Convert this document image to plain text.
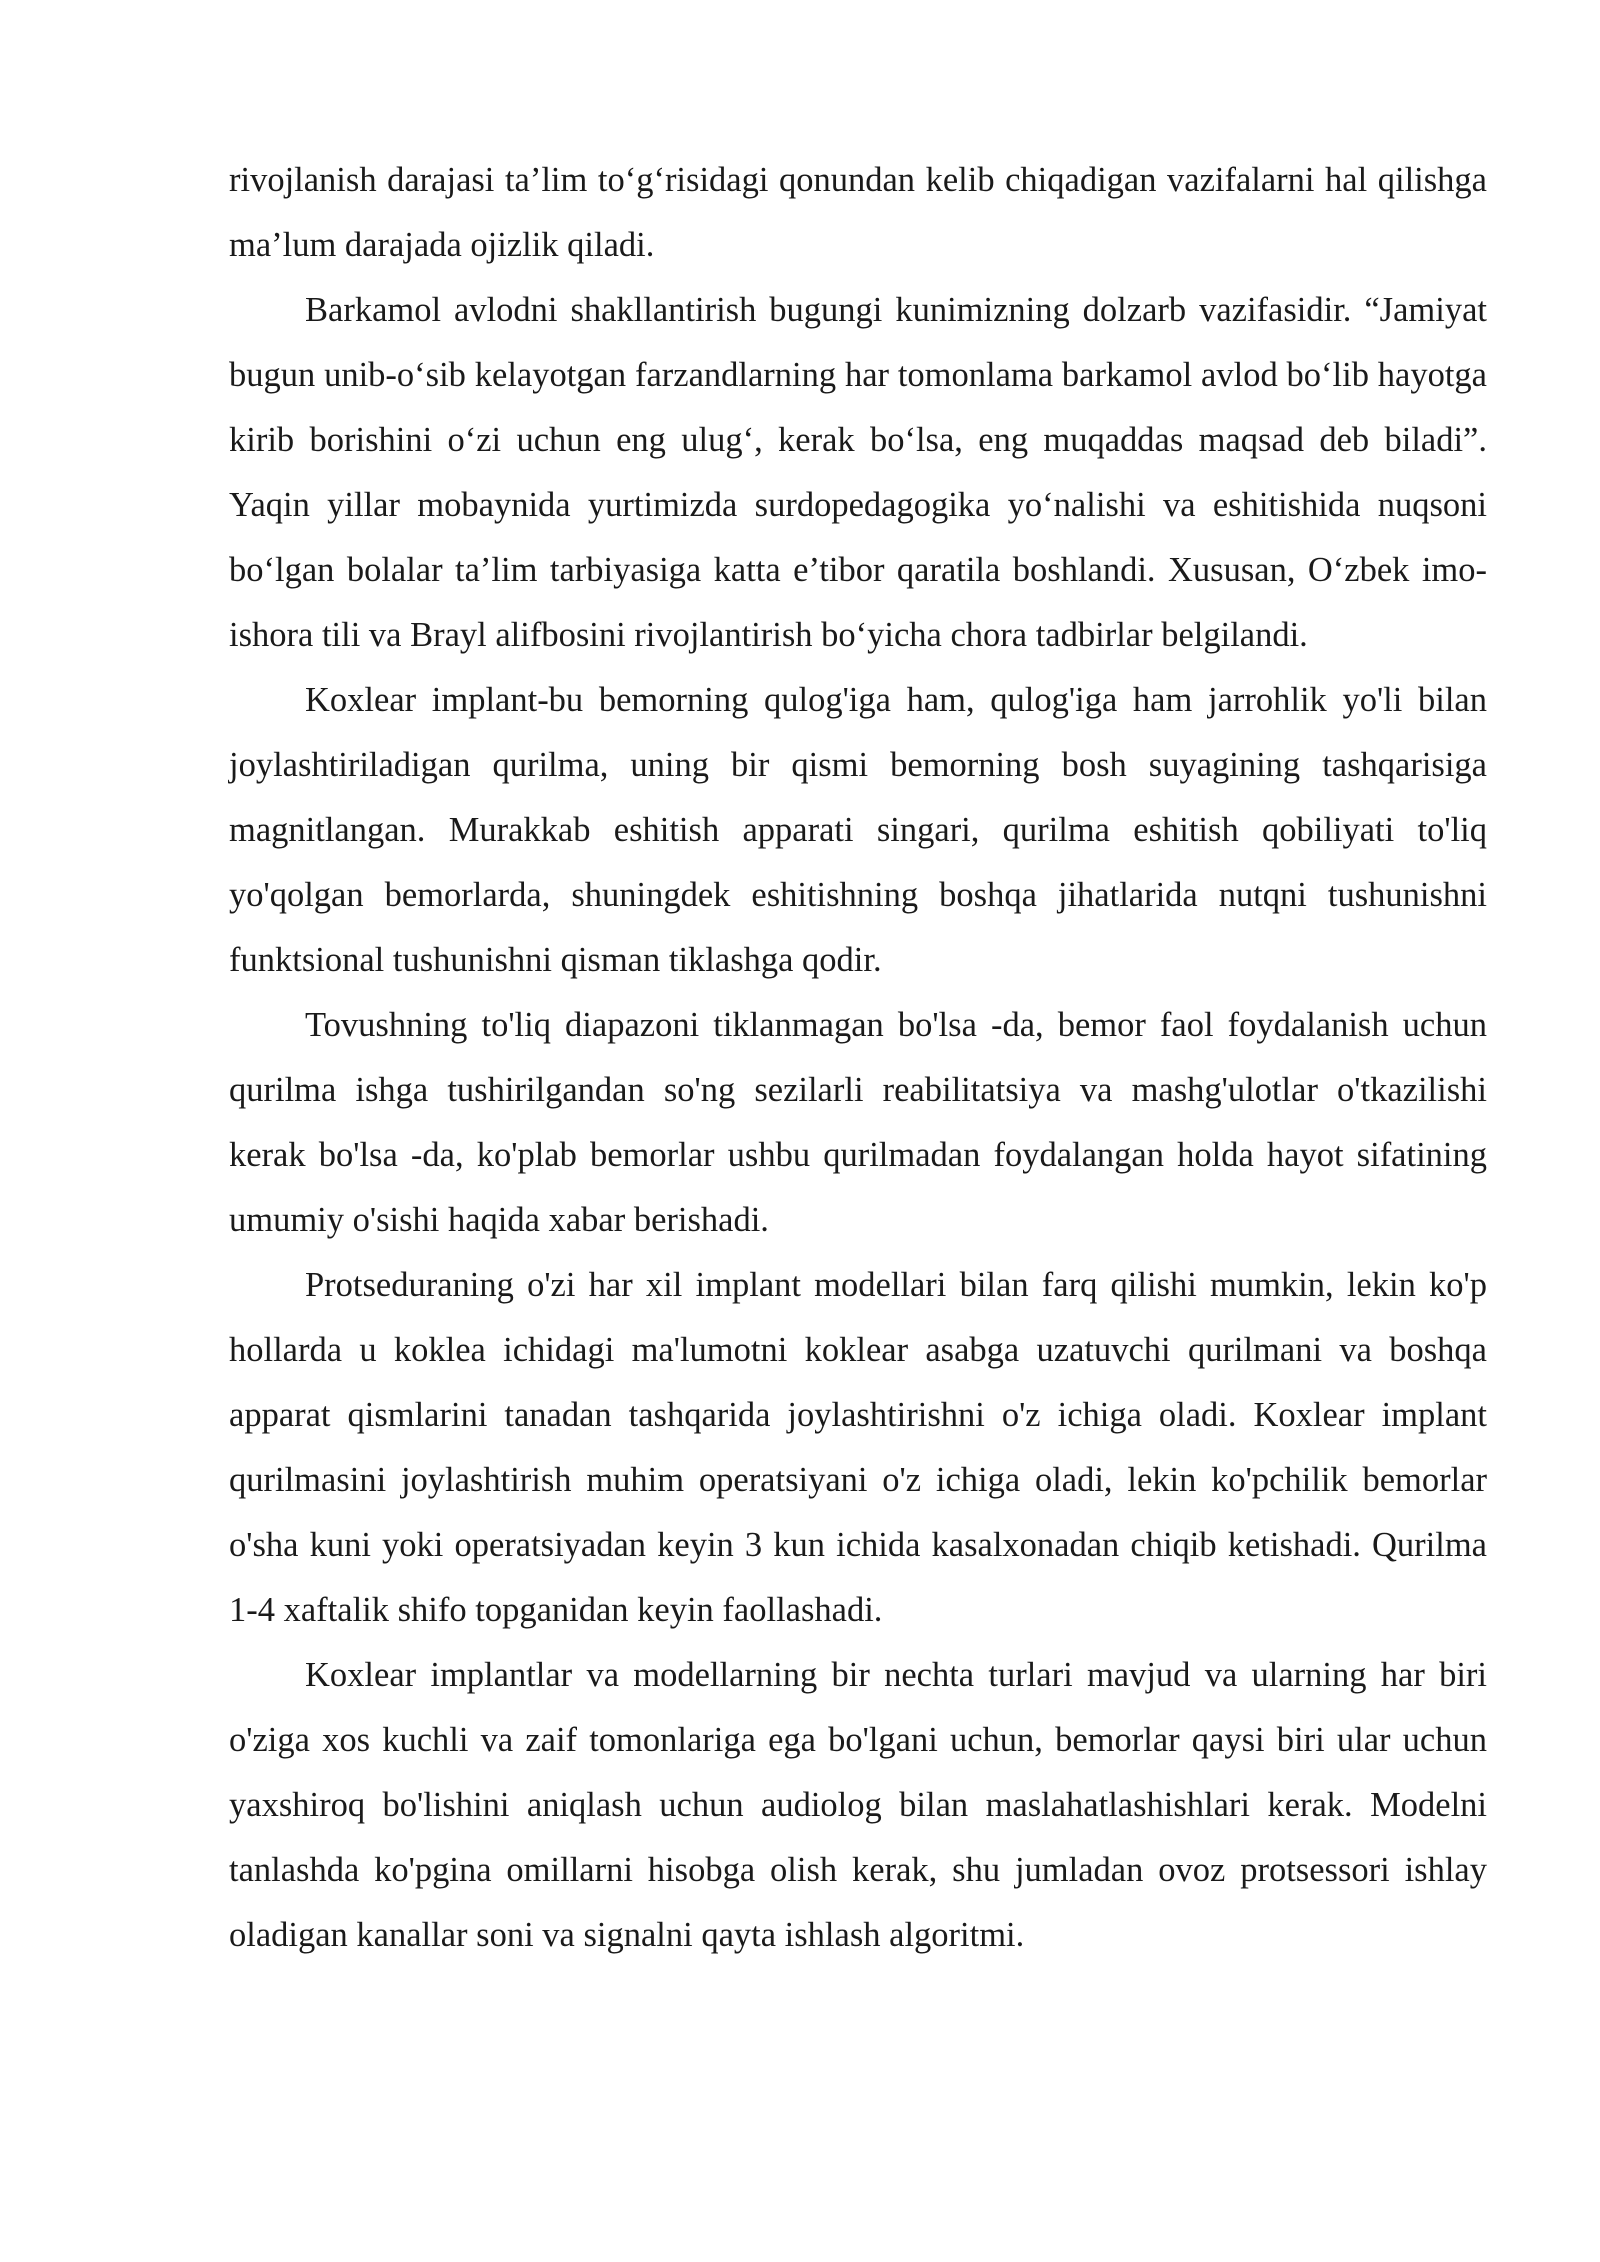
rivojlanish darajasi ta’lim to‘g‘risidagi qonundan kelib chiqadigan vazifalarni hal qilishga ma’lum darajada ojizlik qiladi.

Barkamol avlodni shakllantirish bugungi kunimizning dolzarb vazifasidir. “Jamiyat bugun unib-o‘sib kelayotgan farzandlarning har tomonlama barkamol avlod bo‘lib hayotga kirib borishini o‘zi uchun eng ulug‘, kerak bo‘lsa, eng muqaddas maqsad deb biladi”. Yaqin yillar mobaynida yurtimizda surdopedagogika yo‘nalishi va eshitishida nuqsoni bo‘lgan bolalar ta’lim tarbiyasiga katta e’tibor qaratila boshlandi. Xususan, O‘zbek imo-ishora tili va Brayl alifbosini rivojlantirish bo‘yicha chora tadbirlar belgilandi.

Koxlear implant-bu bemorning qulog'iga ham, qulog'iga ham jarrohlik yo'li bilan joylashtiriladigan qurilma, uning bir qismi bemorning bosh suyagining tashqarisiga magnitlangan. Murakkab eshitish apparati singari, qurilma eshitish qobiliyati to'liq yo'qolgan bemorlarda, shuningdek eshitishning boshqa jihatlarida nutqni tushunishni funktsional tushunishni qisman tiklashga qodir.

Tovushning to'liq diapazoni tiklanmagan bo'lsa -da, bemor faol foydalanish uchun qurilma ishga tushirilgandan so'ng sezilarli reabilitatsiya va mashg'ulotlar o'tkazilishi kerak bo'lsa -da, ko'plab bemorlar ushbu qurilmadan foydalangan holda hayot sifatining umumiy o'sishi haqida xabar berishadi.

Protseduraning o'zi har xil implant modellari bilan farq qilishi mumkin, lekin ko'p hollarda u koklea ichidagi ma'lumotni koklear asabga uzatuvchi qurilmani va boshqa apparat qismlarini tanadan tashqarida joylashtirishni o'z ichiga oladi. Koxlear implant qurilmasini joylashtirish muhim operatsiyani o'z ichiga oladi, lekin ko'pchilik bemorlar o'sha kuni yoki operatsiyadan keyin 3 kun ichida kasalxonadan chiqib ketishadi. Qurilma 1-4 xaftalik shifo topganidan keyin faollashadi.

Koxlear implantlar va modellarning bir nechta turlari mavjud va ularning har biri o'ziga xos kuchli va zaif tomonlariga ega bo'lgani uchun, bemorlar qaysi biri ular uchun yaxshiroq bo'lishini aniqlash uchun audiolog bilan maslahatlashishlari kerak. Modelni tanlashda ko'pgina omillarni hisobga olish kerak, shu jumladan ovoz protsessori ishlay oladigan kanallar soni va signalni qayta ishlash algoritmi.
